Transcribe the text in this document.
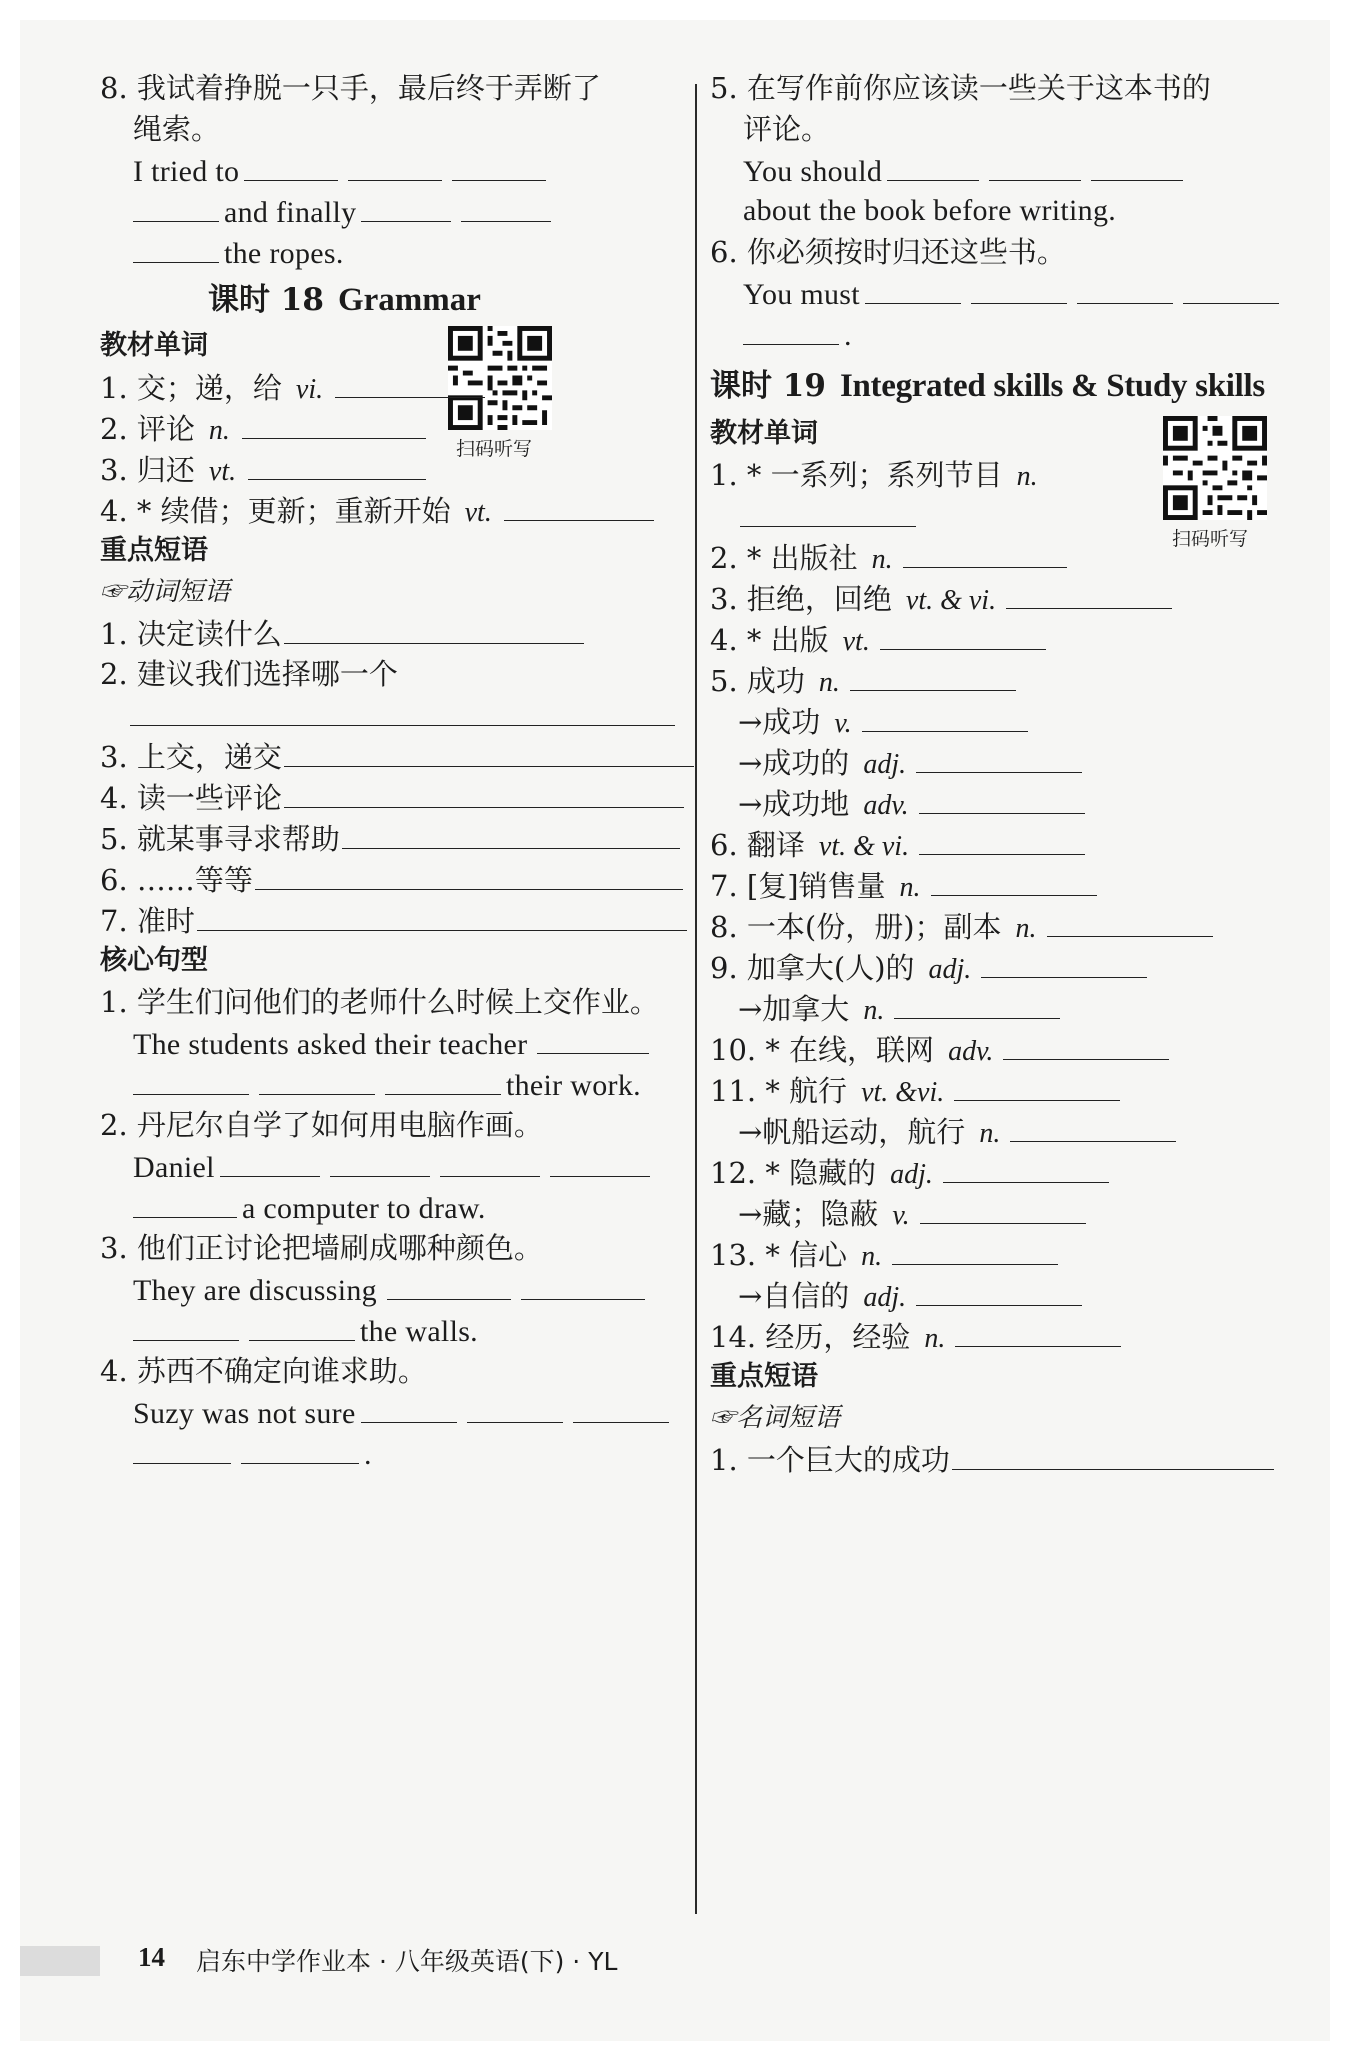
8. 我试着挣脱一只手，最后终于弄断了
绳索。
I tried to
and finally
the ropes.
课时 18 Grammar
教材单词
扫码听写
1. 交；递，给 vi.
2. 评论 n.
3. 归还 vt.
4. * 续借；更新；重新开始 vt.
重点短语
☞动词短语
1. 决定读什么
2. 建议我们选择哪一个
3. 上交，递交
4. 读一些评论
5. 就某事寻求帮助
6. ……等等
7. 准时
核心句型
1. 学生们问他们的老师什么时候上交作业。
The students asked their teacher
their work.
2. 丹尼尔自学了如何用电脑作画。
Daniel
a computer to draw.
3. 他们正讨论把墙刷成哪种颜色。
They are discussing
the walls.
4. 苏西不确定向谁求助。
Suzy was not sure
.
5. 在写作前你应该读一些关于这本书的
评论。
You should
about the book before writing.
6. 你必须按时归还这些书。
You must
.
课时 19 Integrated skills & Study skills
教材单词
扫码听写
1. * 一系列；系列节目 n.
2. * 出版社 n.
3. 拒绝，回绝 vt. & vi.
4. * 出版 vt.
5. 成功 n.
→成功 v.
→成功的 adj.
→成功地 adv.
6. 翻译 vt. & vi.
7. [复]销售量 n.
8. 一本(份，册)；副本 n.
9. 加拿大(人)的 adj.
→加拿大 n.
10. * 在线，联网 adv.
11. * 航行 vt. &vi.
→帆船运动，航行 n.
12. * 隐藏的 adj.
→藏；隐蔽 v.
13. * 信心 n.
→自信的 adj.
14. 经历，经验 n.
重点短语
☞名词短语
1. 一个巨大的成功
14 启东中学作业本 · 八年级英语(下) · YL
